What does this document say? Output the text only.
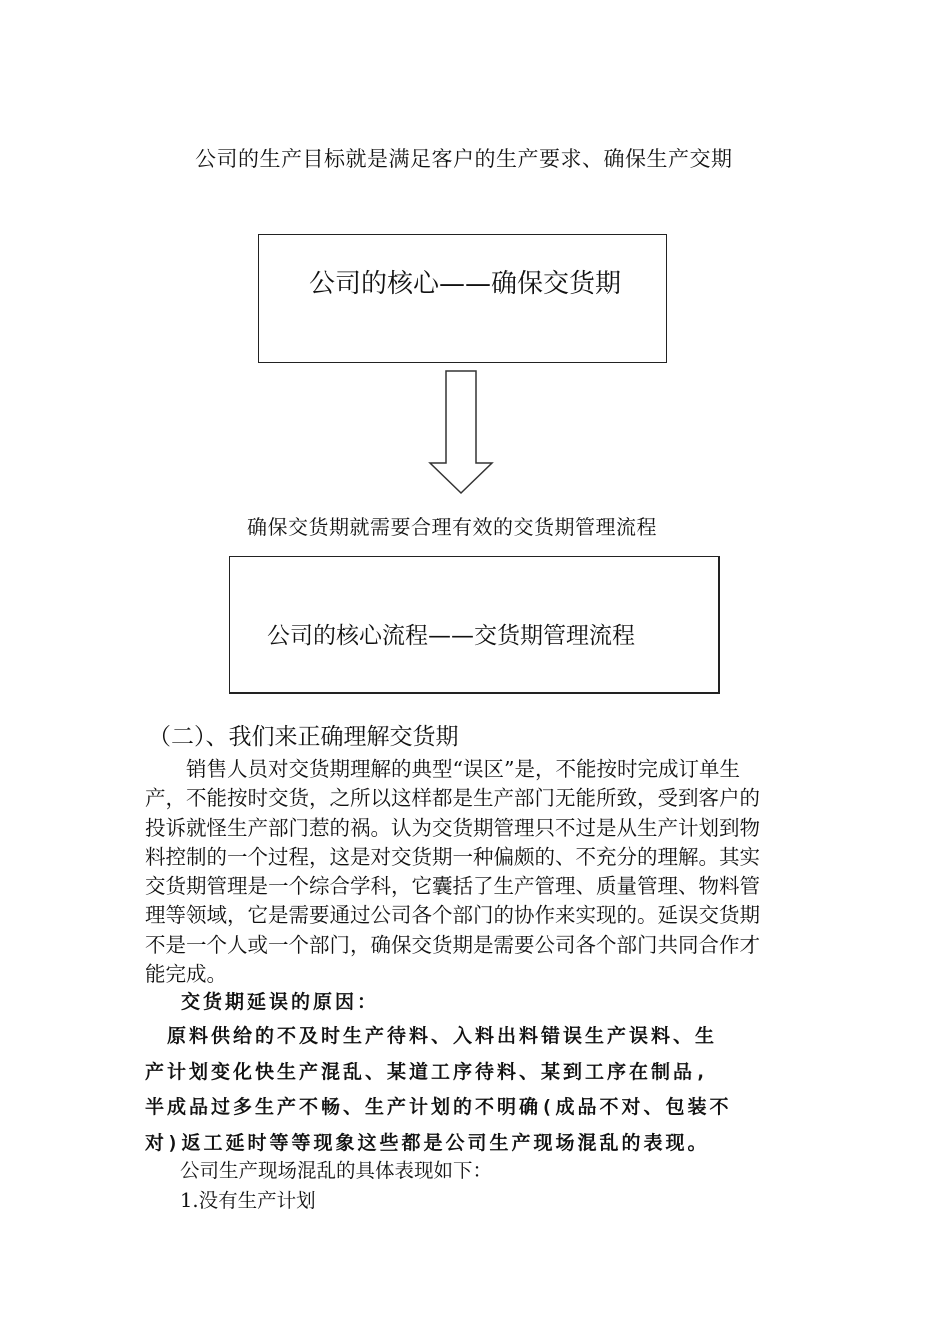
公司的生产目标就是满足客户的生产要求、确保生产交期
公司的核心——确保交货期
确保交货期就需要合理有效的交货期管理流程
公司的核心流程——交货期管理流程
（二）、我们来正确理解交货期
　　销售人员对交货期理解的典型“误区”是，不能按时完成订单生
产，不能按时交货，之所以这样都是生产部门无能所致，受到客户的
投诉就怪生产部门惹的祸。认为交货期管理只不过是从生产计划到物
料控制的一个过程，这是对交货期一种偏颇的、不充分的理解。其实
交货期管理是一个综合学科，它囊括了生产管理、质量管理、物料管
理等领域，它是需要通过公司各个部门的协作来实现的。延误交货期
不是一个人或一个部门，确保交货期是需要公司各个部门共同合作才
能完成。
交货期延误的原因：
　原料供给的不及时生产待料、入料出料错误生产误料、生
产计划变化快生产混乱、某道工序待料、某到工序在制品,
半成品过多生产不畅、生产计划的不明确(成品不对、包装不
对)返工延时等等现象这些都是公司生产现场混乱的表现。
公司生产现场混乱的具体表现如下：
1.没有生产计划
